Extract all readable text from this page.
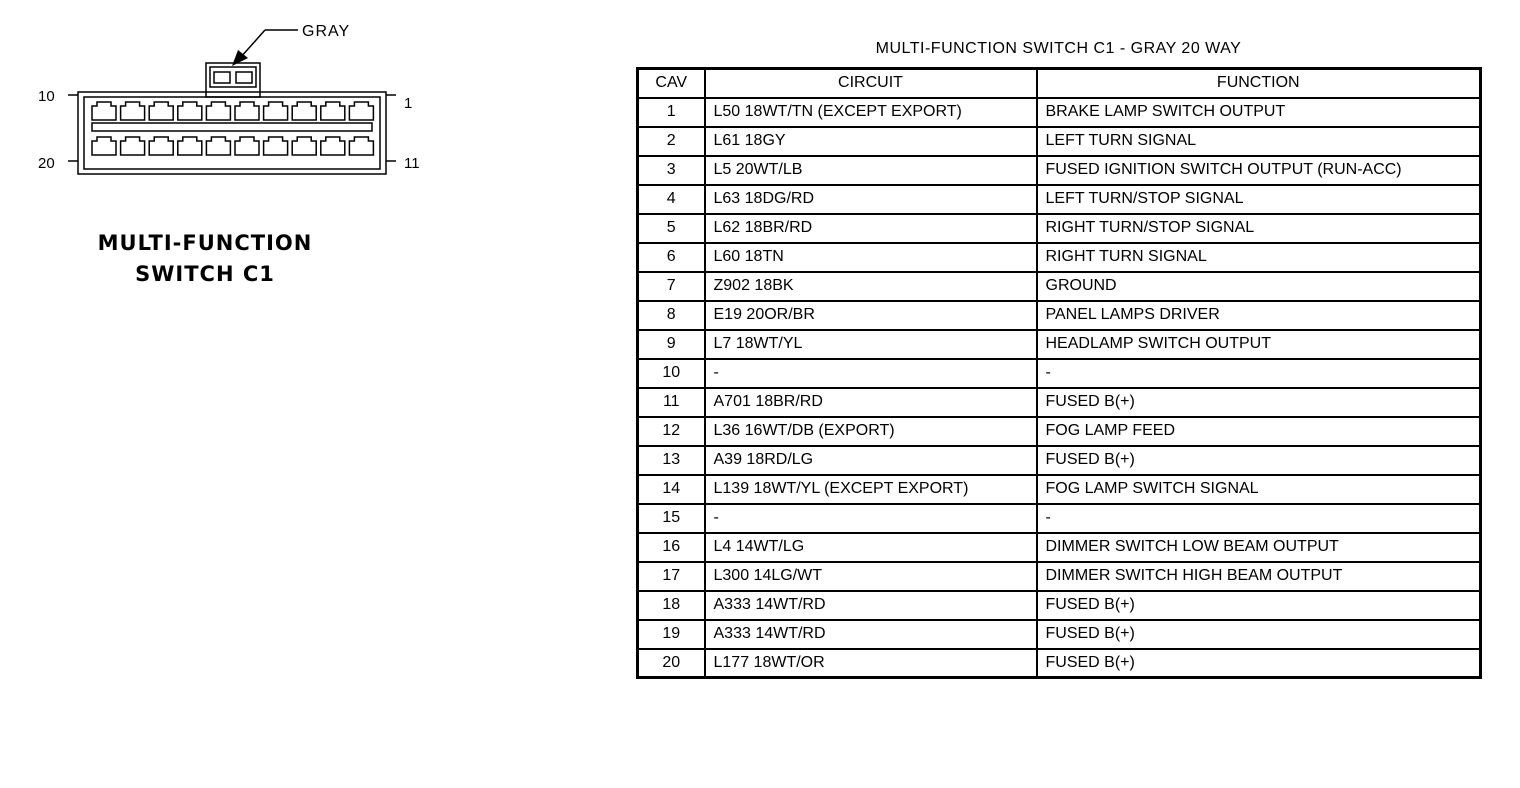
GRAY
10	1
20	11
MULTI-FUNCTION
SWITCH C1
MULTI-FUNCTION SWITCH C1 - GRAY 20 WAY
CAV	CIRCUIT	FUNCTION
1	L50 18WT/TN (EXCEPT EXPORT)	BRAKE LAMP SWITCH OUTPUT
2	L61 18GY	LEFT TURN SIGNAL
3	L5 20WT/LB	FUSED IGNITION SWITCH OUTPUT (RUN-ACC)
4	L63 18DG/RD	LEFT TURN/STOP SIGNAL
5	L62 18BR/RD	RIGHT TURN/STOP SIGNAL
6	L60 18TN	RIGHT TURN SIGNAL
7	Z902 18BK	GROUND
8	E19 20OR/BR	PANEL LAMPS DRIVER
9	L7 18WT/YL	HEADLAMP SWITCH OUTPUT
10	-	-
11	A701 18BR/RD	FUSED B(+)
12	L36 16WT/DB (EXPORT)	FOG LAMP FEED
13	A39 18RD/LG	FUSED B(+)
14	L139 18WT/YL (EXCEPT EXPORT)	FOG LAMP SWITCH SIGNAL
15	-	-
16	L4 14WT/LG	DIMMER SWITCH LOW BEAM OUTPUT
17	L300 14LG/WT	DIMMER SWITCH HIGH BEAM OUTPUT
18	A333 14WT/RD	FUSED B(+)
19	A333 14WT/RD	FUSED B(+)
20	L177 18WT/OR	FUSED B(+)
